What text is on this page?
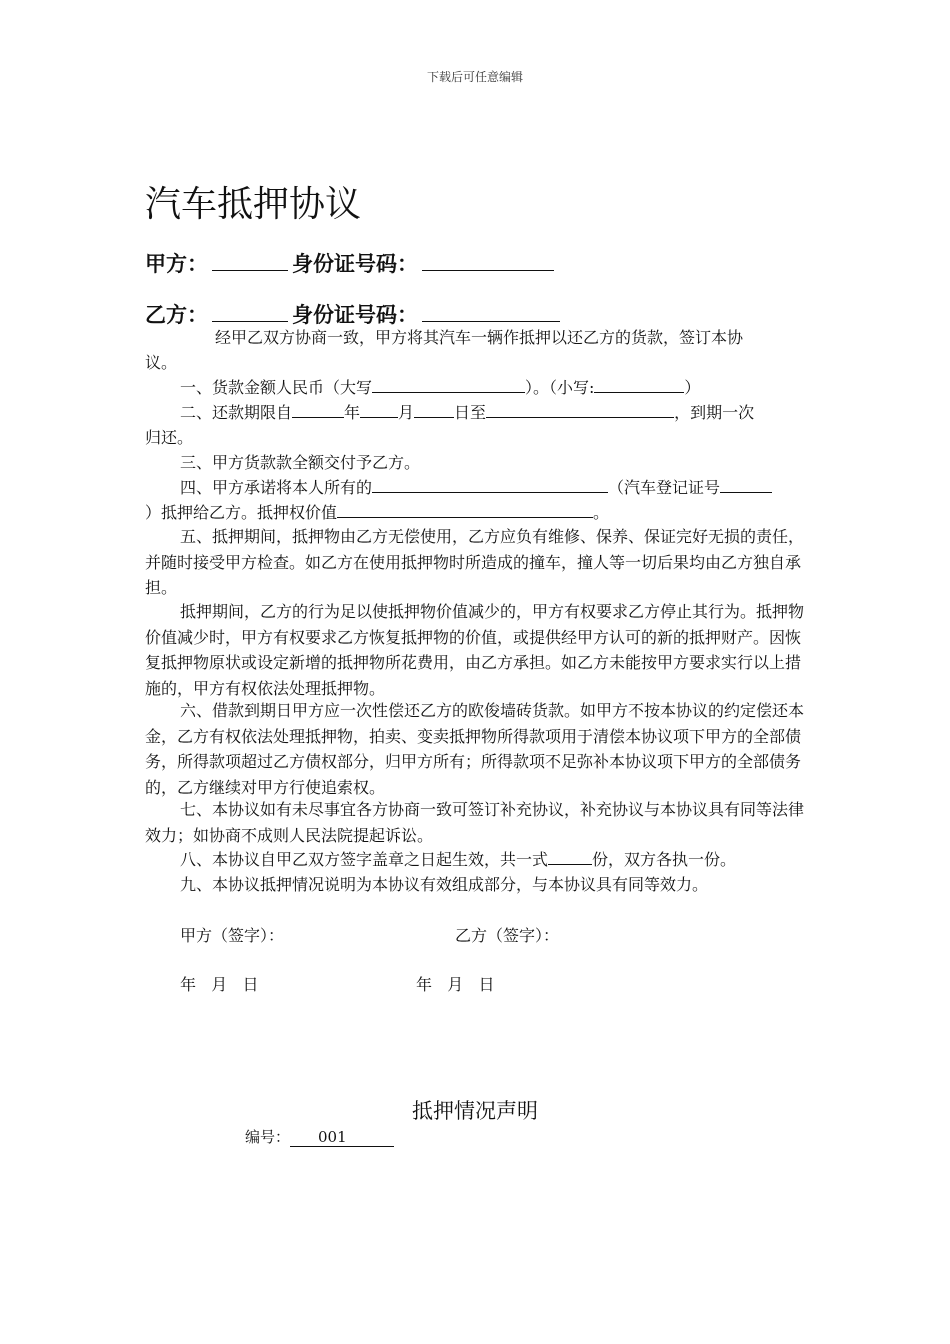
下载后可任意编辑
汽车抵押协议
甲方：	身份证号码：
乙方：	身份证号码：
经甲乙双方协商一致，甲方将其汽车一辆作抵押以还乙方的货款，签订本协
议。
一、货款金额人民币（大写	）。（小写:	）
二、还款期限自	年 月	日至	，到期一次
归还。
三、甲方货款款全额交付予乙方。
四、甲方承诺将本人所有的	（汽车登记证号
）抵押给乙方。抵押权价值	。
五、抵押期间，抵押物由乙方无偿使用，乙方应负有维修、保养、保证完好无损的责任，并随时接受甲方检查。如乙方在使用抵押物时所造成的撞车，撞人等一切后果均由乙方独自承担。
抵押期间，乙方的行为足以使抵押物价值减少的，甲方有权要求乙方停止其行为。抵押物价值减少时，甲方有权要求乙方恢复抵押物的价值，或提供经甲方认可的新的抵押财产。因恢复抵押物原状或设定新增的抵押物所花费用，由乙方承担。如乙方未能按甲方要求实行以上措施的，甲方有权依法处理抵押物。
六、借款到期日甲方应一次性偿还乙方的欧俊墙砖货款。如甲方不按本协议的约定偿还本金，乙方有权依法处理抵押物，拍卖、变卖抵押物所得款项用于清偿本协议项下甲方的全部债务，所得款项超过乙方债权部分，归甲方所有；所得款项不足弥补本协议项下甲方的全部债务的，乙方继续对甲方行使追索权。
七、本协议如有未尽事宜各方协商一致可签订补充协议，补充协议与本协议具有同等法律效力；如协商不成则人民法院提起诉讼。
八、本协议自甲乙双方签字盖章之日起生效，共一式	份，双方各执一份。
九、本协议抵押情况说明为本协议有效组成部分，与本协议具有同等效力。
甲方（签字）：	乙方（签字）：
年   月   日	年   月   日
抵押情况声明
编号： 001
